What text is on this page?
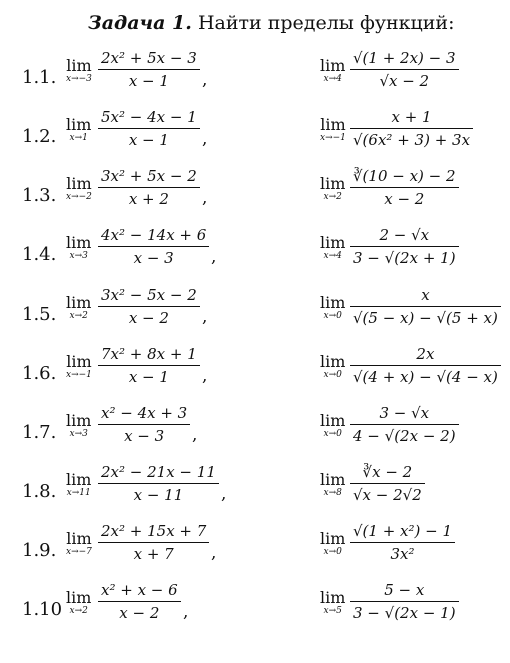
Задача 1. Найти пределы функций:
1.1.
lim
$x\to-3 \frac{\text{2x² + 5x − 3}}{x - 1}$ ,
lim
$x\to 4 \frac{√(1 + 2x) - 3}{√x - 2}$
1.2.
lim
$x\to 1 \frac{\text{5x² − 4x − 1}}{x - 1}$ ,
lim
$x\to-1 \frac{x + 1}{\text{√(6x² + 3) + 3x}}$
1.3.
lim
$x\to-2 \frac{\text{3x² + 5x − 2}}{x + 2}$ ,
lim
$x\to 2 \frac{∛(10 - x) - 2}{x - 2}$
1.4.
lim
$x\to 3 \frac{\text{4x² − 14x + 6}}{x - 3}$ ,
lim
$x\to 4 \frac{2 - √x}{3 - √(2x + 1)}$
1.5.
lim
$x\to 2 \frac{\text{3x² − 5x − 2}}{x - 2}$ ,
lim
$x\to 0 \frac{x}{√(5 - x) - √(5 + x)}$
1.6.
lim
$x\to-1 \frac{\text{7x² + 8x + 1}}{x - 1}$ ,
lim
$x\to 0 \frac{2x}{√(4 + x) - √(4 - x)}$
1.7.
lim
$x\to 3 \frac{\text{x² − 4x + 3}}{x - 3}$ ,
lim
$x\to 0 \frac{3 - √x}{4 - √(2x - 2)}$
1.8.
lim
$x\to 11 \frac{\text{2x² − 21x − 11}}{x - 11}$ ,
lim
$x\to 8 \frac{∛x - 2}{√x - 2√2}$
1.9.
lim
$x\to-7 \frac{\text{2x² + 15x + 7}}{x + 7}$ ,
lim
$x\to 0 \frac{\text{√(1 + x²) − 1}}{\text{3x²}}$
1.10
lim
$x\to 2 \frac{\text{x² + x − 6}}{x - 2}$ ,
lim
$x\to 5 \frac{5 - x}{3 - √(2x - 1)}$
